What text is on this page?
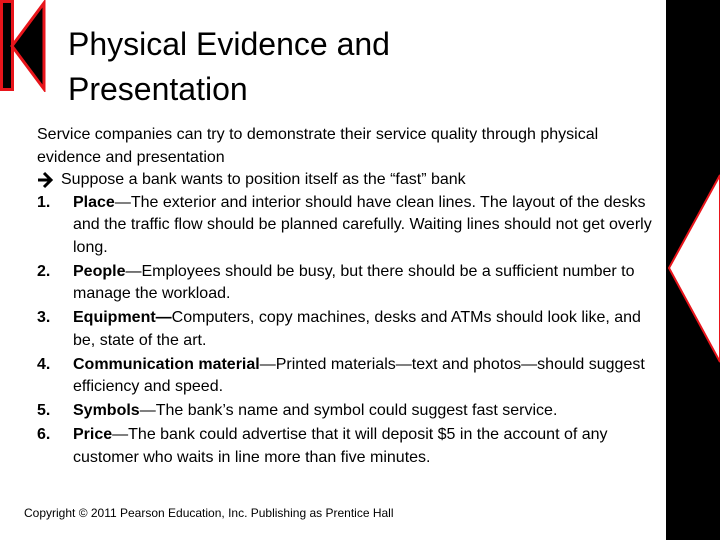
Physical Evidence and
Presentation

Service companies can try to demonstrate their service quality through physical evidence and presentation

Suppose a bank wants to position itself as the “fast” bank

1.	Place—The exterior and interior should have clean lines. The layout of the desks and the traffic flow should be planned carefully. Waiting lines should not get overly long.
2.	People—Employees should be busy, but there should be a sufficient number to manage the workload.
3.	Equipment—Computers, copy machines, desks and ATMs should look like, and be, state of the art.
4.	Communication material—Printed materials—text and photos—should suggest efficiency and speed.
5.	Symbols—The bank’s name and symbol could suggest fast service.
6.	Price—The bank could advertise that it will deposit $5 in the account of any customer who waits in line more than five minutes.
Copyright © 2011 Pearson Education, Inc. Publishing as Prentice Hall
